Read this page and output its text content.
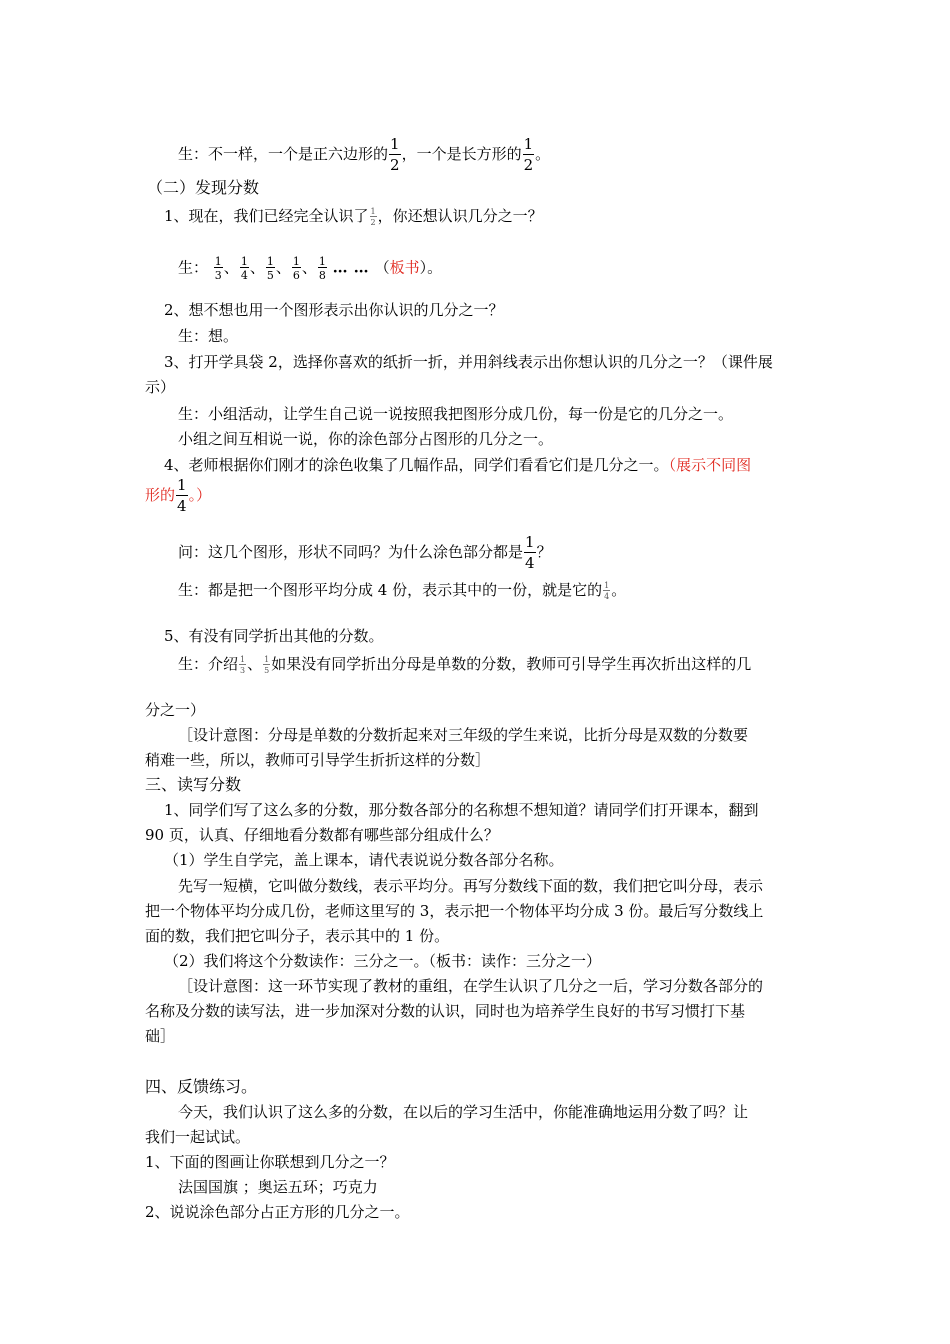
生：不一样，一个是正六边形的 $\frac{1}{2}$ ，一个是长方形的 $\frac{1}{2}$ 。
（二）发现分数
1、现在，我们已经完全认识了 $\frac{1}{2}$ ，你还想认识几分之一？
生： $\frac{1}{3}$ 、 $\frac{1}{4}$ 、 $\frac{1}{5}$ 、 $\frac{1}{6}$ 、 $\frac{1}{8}$ ……（板书）。
2、想不想也用一个图形表示出你认识的几分之一？
生：想。
3、打开学具袋 2，选择你喜欢的纸折一折，并用斜线表示出你想认识的几分之一？（课件展
示）
生：小组活动，让学生自己说一说按照我把图形分成几份，每一份是它的几分之一。
小组之间互相说一说，你的涂色部分占图形的几分之一。
4、老师根据你们刚才的涂色收集了几幅作品，同学们看看它们是几分之一。（展示不同图
形的 $\frac{1}{4}$ 。）
问：这几个图形，形状不同吗？为什么涂色部分都是 $\frac{1}{4}$ ？
生：都是把一个图形平均分成 4 份，表示其中的一份，就是它的 $\frac{1}{4}$ 。
5、有没有同学折出其他的分数。
生：介绍 $\frac{1}{3}$ 、 $\frac{1}{5}$ 如果没有同学折出分母是单数的分数，教师可引导学生再次折出这样的几
分之一）
［设计意图：分母是单数的分数折起来对三年级的学生来说，比折分母是双数的分数要
稍难一些，所以，教师可引导学生折折这样的分数］
三、读写分数
1、同学们写了这么多的分数，那分数各部分的名称想不想知道？请同学们打开课本，翻到
90 页，认真、仔细地看分数都有哪些部分组成什么？
（1）学生自学完，盖上课本，请代表说说分数各部分名称。
先写一短横，它叫做分数线，表示平均分。再写分数线下面的数，我们把它叫分母，表示
把一个物体平均分成几份，老师这里写的 3，表示把一个物体平均分成 3 份。最后写分数线上
面的数，我们把它叫分子，表示其中的 1 份。
（2）我们将这个分数读作：三分之一。（板书：读作：三分之一）
［设计意图：这一环节实现了教材的重组，在学生认识了几分之一后，学习分数各部分的
名称及分数的读写法，进一步加深对分数的认识，同时也为培养学生良好的书写习惯打下基
础］
四、反馈练习。
今天，我们认识了这么多的分数，在以后的学习生活中，你能准确地运用分数了吗？让
我们一起试试。
1、下面的图画让你联想到几分之一？
法国国旗 ；奥运五环；巧克力
2、说说涂色部分占正方形的几分之一。
